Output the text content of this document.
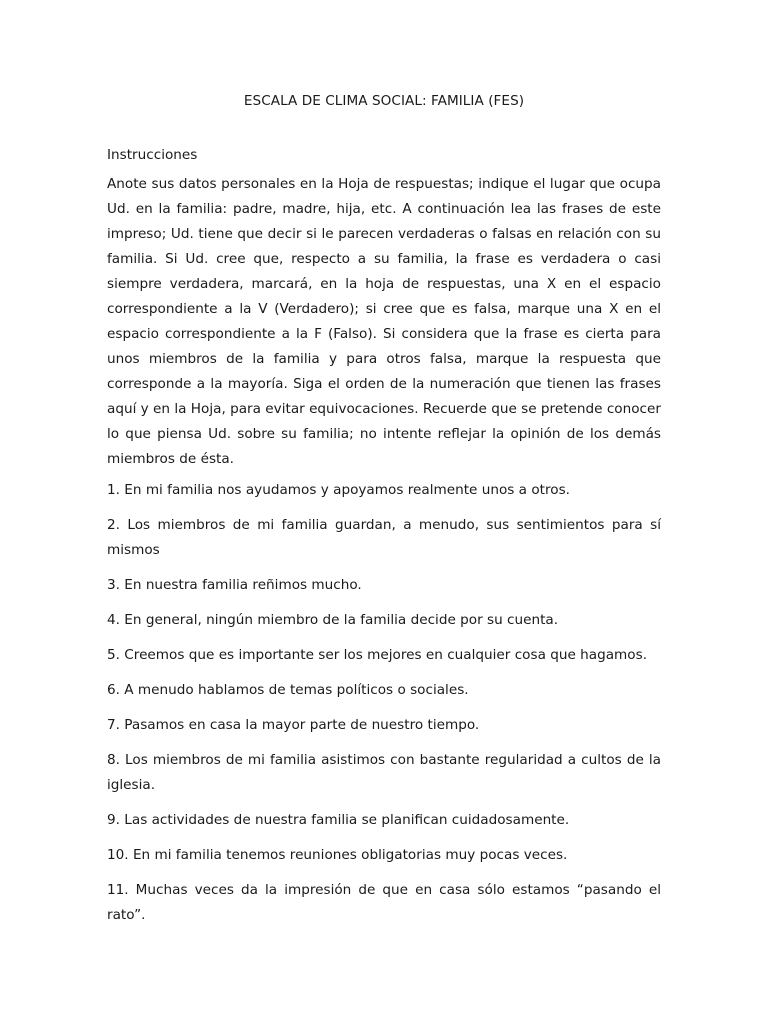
ESCALA DE CLIMA SOCIAL: FAMILIA (FES)
Instrucciones

Anote sus datos personales en la Hoja de respuestas; indique el lugar que ocupa Ud. en la familia: padre, madre, hija, etc. A continuación lea las frases de este impreso; Ud. tiene que decir si le parecen verdaderas o falsas en relación con su familia. Si Ud. cree que, respecto a su familia, la frase es verdadera o casi siempre verdadera, marcará, en la hoja de respuestas, una X en el espacio correspondiente a la V (Verdadero); si cree que es falsa, marque una X en el espacio correspondiente a la F (Falso). Si considera que la frase es cierta para unos miembros de la familia y para otros falsa, marque la respuesta que corresponde a la mayoría. Siga el orden de la numeración que tienen las frases aquí y en la Hoja, para evitar equivocaciones. Recuerde que se pretende conocer lo que piensa Ud. sobre su familia; no intente reflejar la opinión de los demás miembros de ésta.

1. En mi familia nos ayudamos y apoyamos realmente unos a otros.
2. Los miembros de mi familia guardan, a menudo, sus sentimientos para sí mismos
3. En nuestra familia reñimos mucho.
4. En general, ningún miembro de la familia decide por su cuenta.
5. Creemos que es importante ser los mejores en cualquier cosa que hagamos.
6. A menudo hablamos de temas políticos o sociales.
7. Pasamos en casa la mayor parte de nuestro tiempo.
8. Los miembros de mi familia asistimos con bastante regularidad a cultos de la iglesia.
9. Las actividades de nuestra familia se planifican cuidadosamente.
10. En mi familia tenemos reuniones obligatorias muy pocas veces.
11. Muchas veces da la impresión de que en casa sólo estamos “pasando el rato”.
